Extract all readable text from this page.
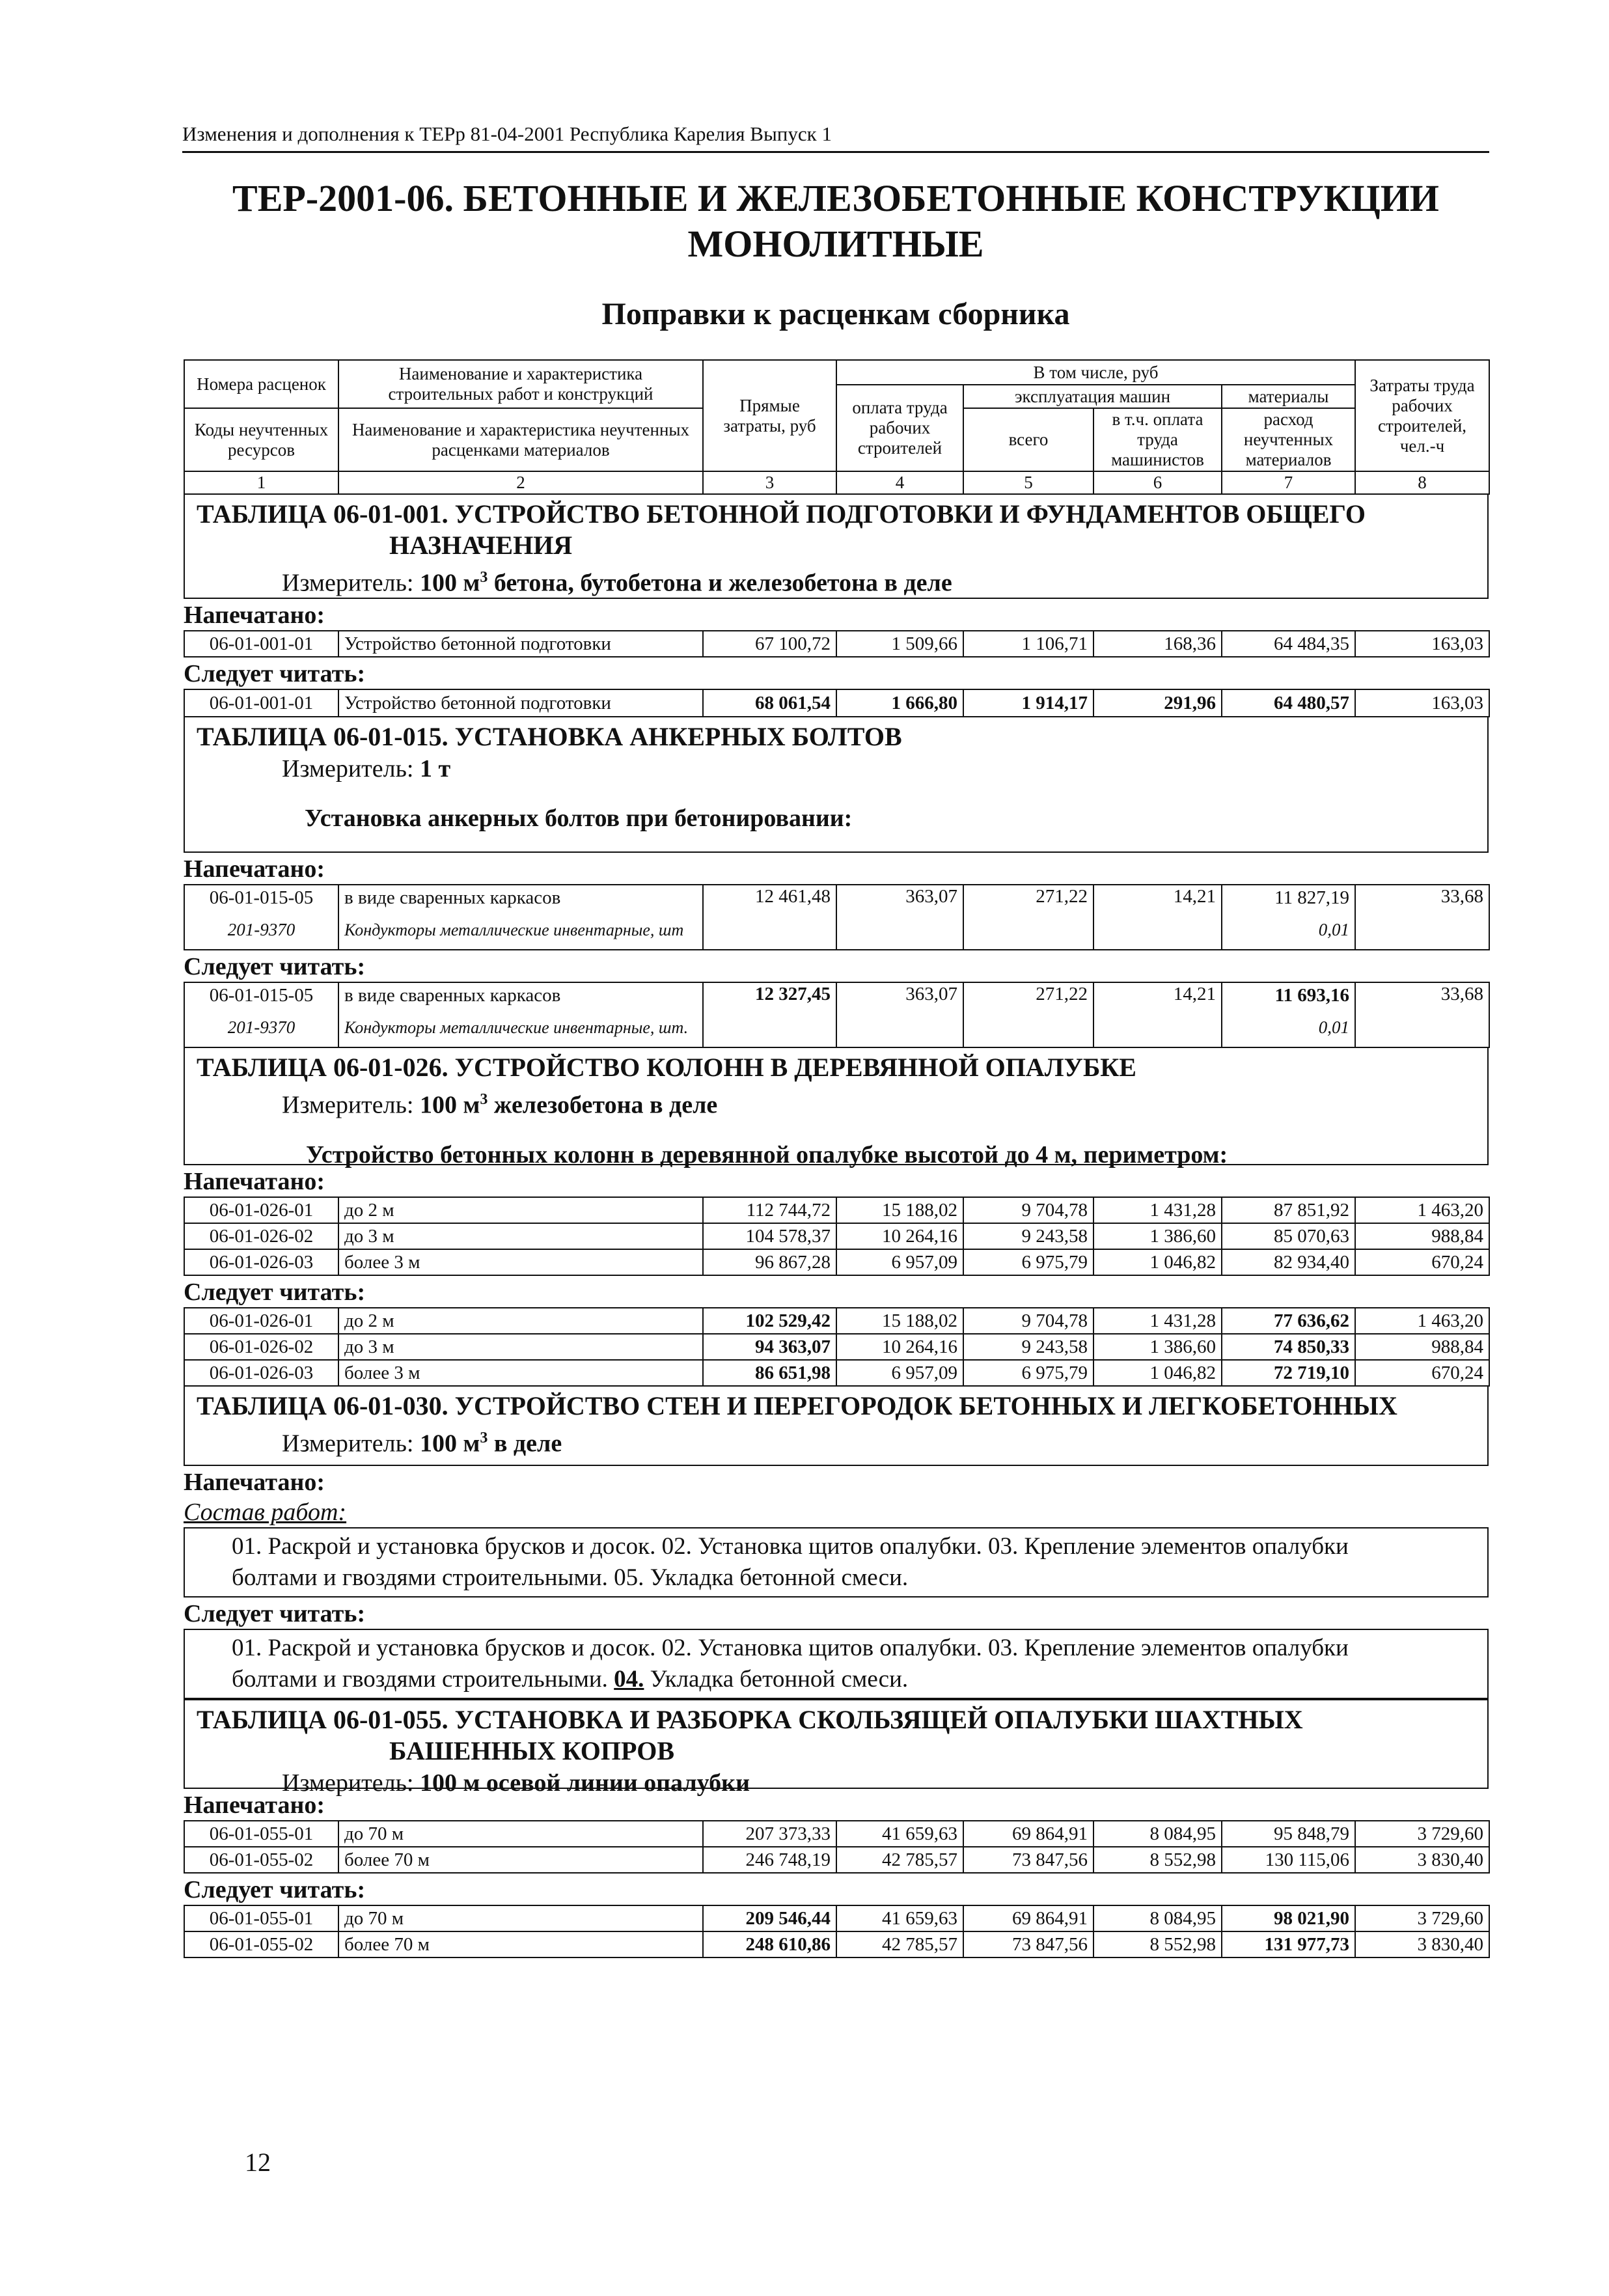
Изменения и дополнения к ТЕРр 81-04-2001 Республика Карелия Выпуск 1
ТЕР-2001-06. БЕТОННЫЕ И ЖЕЛЕЗОБЕТОННЫЕ КОНСТРУКЦИИ
МОНОЛИТНЫЕ
Поправки к расценкам сборника
Номера расценок	Наименование и характеристика строительных работ и конструкций	Прямые затраты, руб	В том числе, руб				Затраты труда рабочих строителей, чел.-ч
			оплата труда рабочих строителей	эксплуатация машин		материалы	
Коды неучтенных ресурсов	Наименование и характеристика неучтенных расценками материалов			всего	в т.ч. оплата труда машинистов	расход неучтенных материалов	

1	2	3	4	5	6	7	8
ТАБЛИЦА 06-01-001. УСТРОЙСТВО БЕТОННОЙ ПОДГОТОВКИ И ФУНДАМЕНТОВ ОБЩЕГО
НАЗНАЧЕНИЯ
Измеритель: 100 $м^3$ бетона, бутобетона и железобетона в деле
Напечатано:
06-01-001-01	Устройство бетонной подготовки	67 100,72	1 509,66	1 106,71	168,36	64 484,35	163,03
Следует читать:
06-01-001-01	Устройство бетонной подготовки	68 061,54	1 666,80	1 914,17	291,96	64 480,57	163,03
ТАБЛИЦА 06-01-015. УСТАНОВКА АНКЕРНЫХ БОЛТОВ
Измеритель: 1 т
Установка анкерных болтов при бетонировании:
Напечатано:
06-01-015-05	в виде сваренных каркасов	12 461,48	363,07	271,22	14,21	11 827,19	33,68
201-9370	Кондукторы металлические инвентарные, шт					0,01	
Следует читать:
06-01-015-05	в виде сваренных каркасов	12 327,45	363,07	271,22	14,21	11 693,16	33,68
201-9370	Кондукторы металлические инвентарные, шт.					0,01	
ТАБЛИЦА 06-01-026. УСТРОЙСТВО КОЛОНН В ДЕРЕВЯННОЙ ОПАЛУБКЕ
Измеритель: 100 $м^3$ железобетона в деле
Устройство бетонных колонн в деревянной опалубке высотой до 4 м, периметром:
Напечатано:
06-01-026-01	до 2 м	112 744,72	15 188,02	9 704,78	1 431,28	87 851,92	1 463,20
06-01-026-02	до 3 м	104 578,37	10 264,16	9 243,58	1 386,60	85 070,63	988,84
06-01-026-03	более 3 м	96 867,28	6 957,09	6 975,79	1 046,82	82 934,40	670,24
Следует читать:
06-01-026-01	до 2 м	102 529,42	15 188,02	9 704,78	1 431,28	77 636,62	1 463,20
06-01-026-02	до 3 м	94 363,07	10 264,16	9 243,58	1 386,60	74 850,33	988,84
06-01-026-03	более 3 м	86 651,98	6 957,09	6 975,79	1 046,82	72 719,10	670,24
ТАБЛИЦА 06-01-030. УСТРОЙСТВО СТЕН И ПЕРЕГОРОДОК БЕТОННЫХ И ЛЕГКОБЕТОННЫХ
Измеритель: 100 $м^3$ в деле
Напечатано:
Состав работ:
01. Раскрой и установка брусков и досок. 02. Установка щитов опалубки. 03. Крепление элементов опалубки
болтами и гвоздями строительными. 05. Укладка бетонной смеси.
Следует читать:
01. Раскрой и установка брусков и досок. 02. Установка щитов опалубки. 03. Крепление элементов опалубки
болтами и гвоздями строительными. 04. Укладка бетонной смеси.
ТАБЛИЦА 06-01-055. УСТАНОВКА И РАЗБОРКА СКОЛЬЗЯЩЕЙ ОПАЛУБКИ ШАХТНЫХ
БАШЕННЫХ КОПРОВ
Измеритель: 100 м осевой линии опалубки
Напечатано:
06-01-055-01	до 70 м	207 373,33	41 659,63	69 864,91	8 084,95	95 848,79	3 729,60
06-01-055-02	более 70 м	246 748,19	42 785,57	73 847,56	8 552,98	130 115,06	3 830,40
Следует читать:
06-01-055-01	до 70 м	209 546,44	41 659,63	69 864,91	8 084,95	98 021,90	3 729,60
06-01-055-02	более 70 м	248 610,86	42 785,57	73 847,56	8 552,98	131 977,73	3 830,40
12
